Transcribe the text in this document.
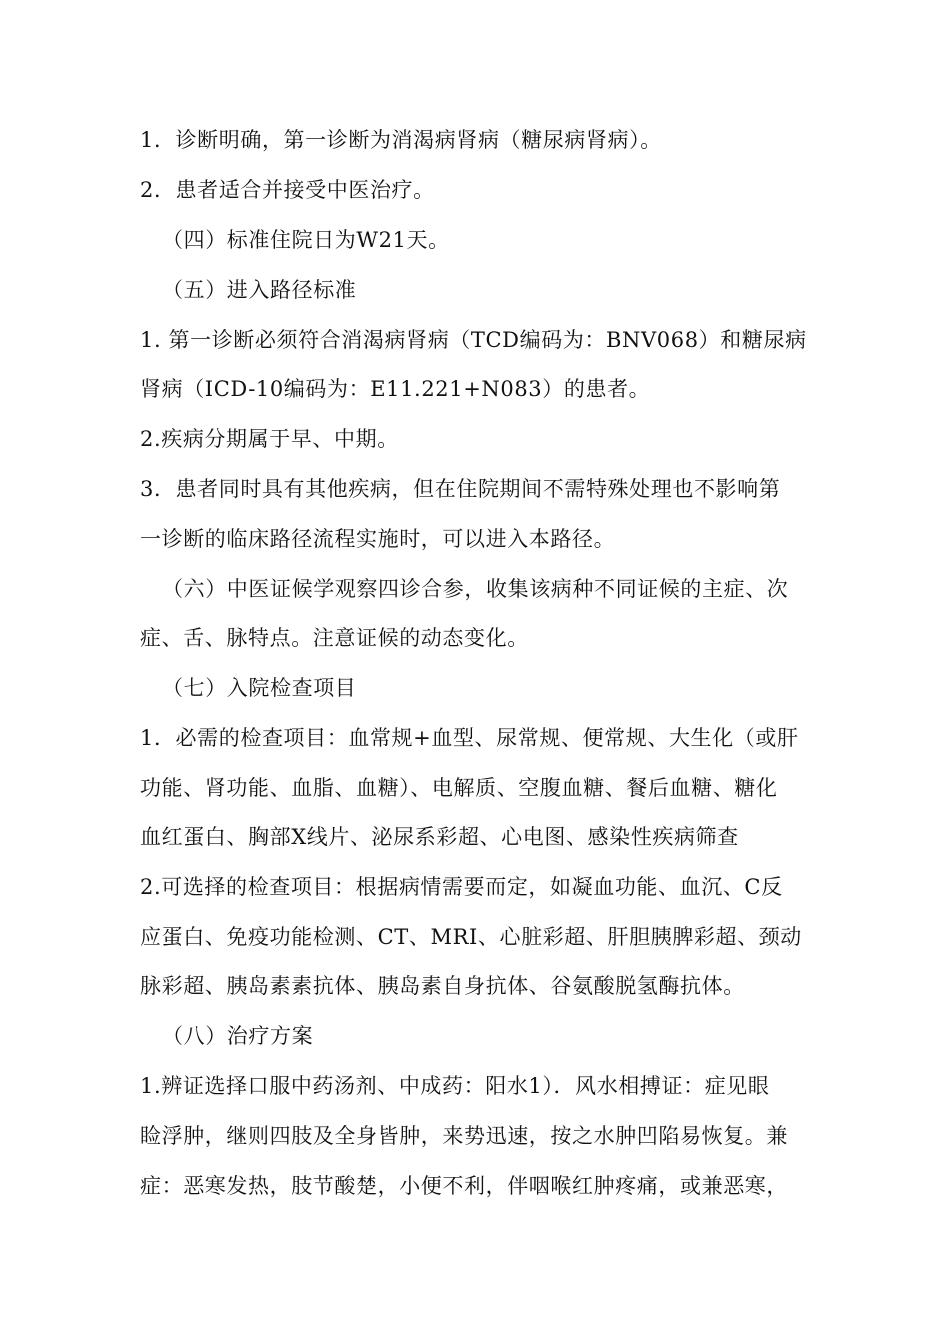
1．诊断明确，第一诊断为消渴病肾病（糖尿病肾病）。
2．患者适合并接受中医治疗。
（四）标准住院日为W21天。
（五）进入路径标准
1. 第一诊断必须符合消渴病肾病（TCD编码为：BNV068）和糖尿病
肾病（ICD-10编码为：E11.221+N083）的患者。
2.疾病分期属于早、中期。
3．患者同时具有其他疾病，但在住院期间不需特殊处理也不影响第
一诊断的临床路径流程实施时，可以进入本路径。
（六）中医证候学观察四诊合参，收集该病种不同证候的主症、次
症、舌、脉特点。注意证候的动态变化。
（七）入院检查项目
1．必需的检查项目：血常规+血型、尿常规、便常规、大生化（或肝
功能、肾功能、血脂、血糖）、电解质、空腹血糖、餐后血糖、糖化
血红蛋白、胸部X线片、泌尿系彩超、心电图、感染性疾病筛查
2.可选择的检查项目：根据病情需要而定，如凝血功能、血沉、C反
应蛋白、免疫功能检测、CT、MRI、心脏彩超、肝胆胰脾彩超、颈动
脉彩超、胰岛素素抗体、胰岛素自身抗体、谷氨酸脱氢酶抗体。
（八）治疗方案
1.辨证选择口服中药汤剂、中成药：阳水1）．风水相搏证：症见眼
睑浮肿，继则四肢及全身皆肿，来势迅速，按之水肿凹陷易恢复。兼
症：恶寒发热，肢节酸楚，小便不利，伴咽喉红肿疼痛，或兼恶寒，
